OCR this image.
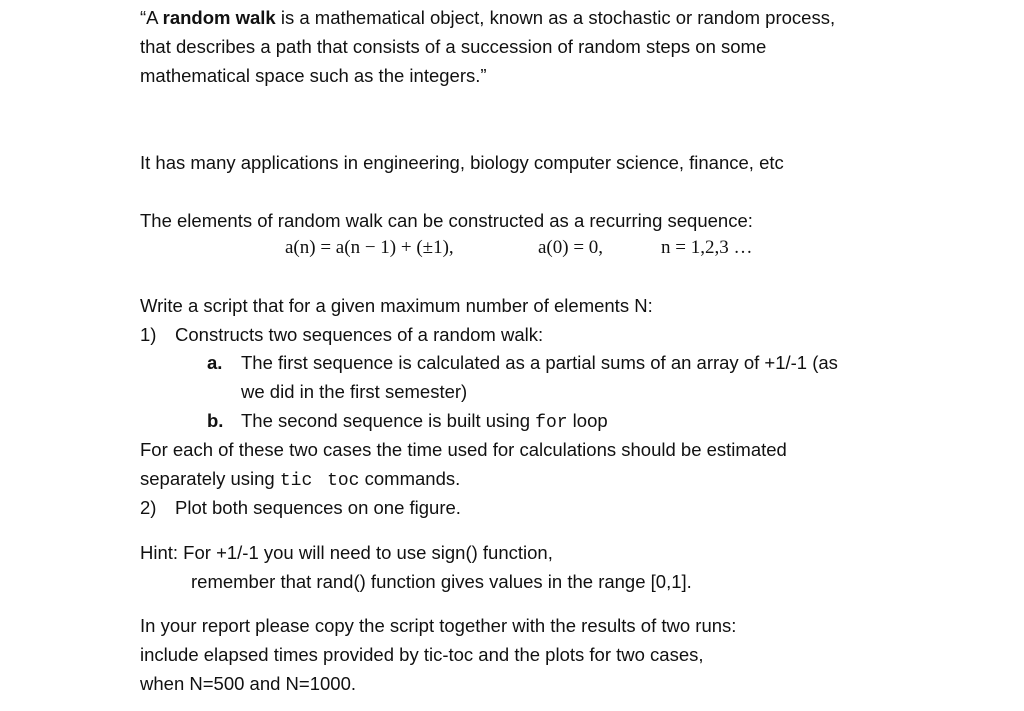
“A random walk is a mathematical object, known as a stochastic or random process,
that describes a path that consists of a succession of random steps on some
mathematical space such as the integers.”
It has many applications in engineering, biology computer science, finance, etc
The elements of random walk can be constructed as a recurring sequence:
a(n) = a(n − 1) + (±1),	a(0) = 0,	n = 1,2,3 …
Write a script that for a given maximum number of elements N:
1) Constructs two sequences of a random walk:
a. The first sequence is calculated as a partial sums of an array of +1/-1 (as
we did in the first semester)
b. The second sequence is built using for loop
For each of these two cases the time used for calculations should be estimated
separately using tic toc commands.
2) Plot both sequences on one figure.
Hint: For +1/-1 you will need to use sign() function,
remember that rand() function gives values in the range [0,1].
In your report please copy the script together with the results of two runs:
include elapsed times provided by tic-toc and the plots for two cases,
when N=500 and N=1000.
